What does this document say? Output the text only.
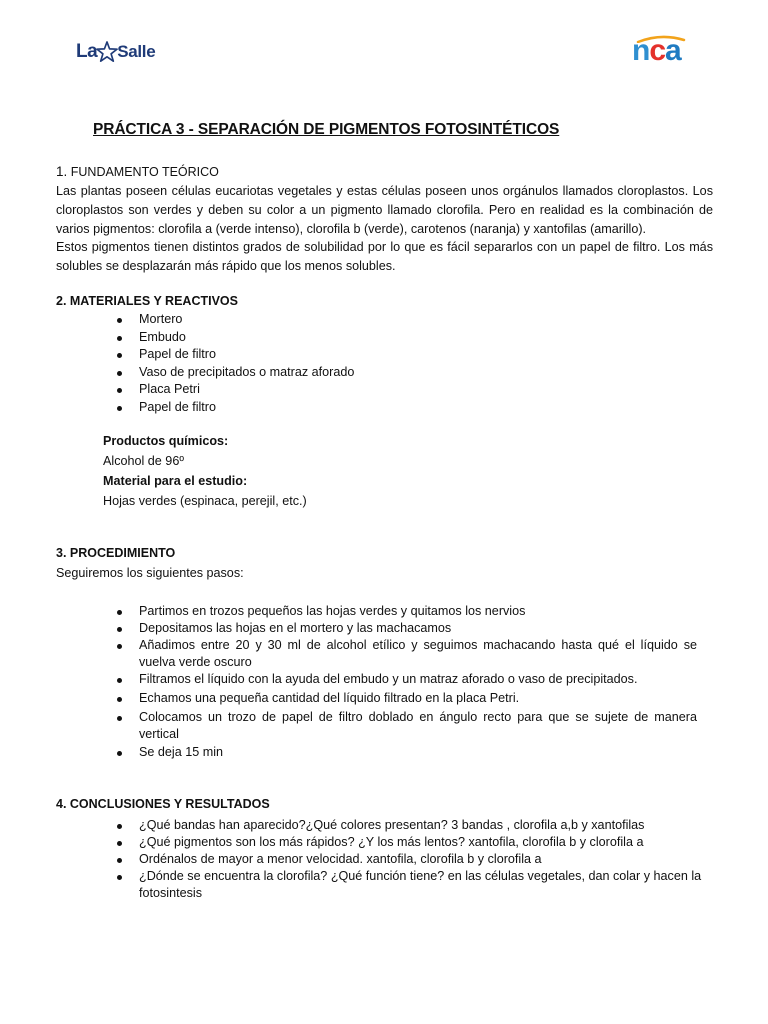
La Salle	nca
PRÁCTICA 3 - SEPARACIÓN DE PIGMENTOS FOTOSINTÉTICOS

1. FUNDAMENTO TEÓRICO

Las plantas poseen células eucariotas vegetales y estas células poseen unos orgánulos llamados cloroplastos. Los cloroplastos son verdes y deben su color a un pigmento llamado clorofila. Pero en realidad es la combinación de varios pigmentos: clorofila a (verde intenso), clorofila b (verde), carotenos (naranja) y xantofilas (amarillo).

Estos pigmentos tienen distintos grados de solubilidad por lo que es fácil separarlos con un papel de filtro. Los más solubles se desplazarán más rápido que los menos solubles.

2. MATERIALES Y REACTIVOS

Mortero
Embudo
Papel de filtro
Vaso de precipitados o matraz aforado
Placa Petri
Papel de filtro

Productos químicos:

Alcohol de 96º

Material para el estudio:

Hojas verdes (espinaca, perejil, etc.)

3. PROCEDIMIENTO

Seguiremos los siguientes pasos:

Partimos en trozos pequeños las hojas verdes y quitamos los nervios
Depositamos las hojas en el mortero y las machacamos
Añadimos entre 20 y 30 ml de alcohol etílico y seguimos machacando hasta qué el líquido se vuelva verde oscuro
Filtramos el líquido con la ayuda del embudo y un matraz aforado o vaso de precipitados.
Echamos una pequeña cantidad del líquido filtrado en la placa Petri.
Colocamos un trozo de papel de filtro doblado en ángulo recto para que se sujete de manera vertical
Se deja 15 min

4. CONCLUSIONES Y RESULTADOS

¿Qué bandas han aparecido?¿Qué colores presentan? 3 bandas , clorofila a,b y xantofilas
¿Qué pigmentos son los más rápidos? ¿Y los más lentos? xantofila, clorofila b y clorofila a
Ordénalos de mayor a menor velocidad. xantofila, clorofila b y clorofila a
¿Dónde se encuentra la clorofila? ¿Qué función tiene? en las células vegetales, dan colar y hacen la fotosintesis
